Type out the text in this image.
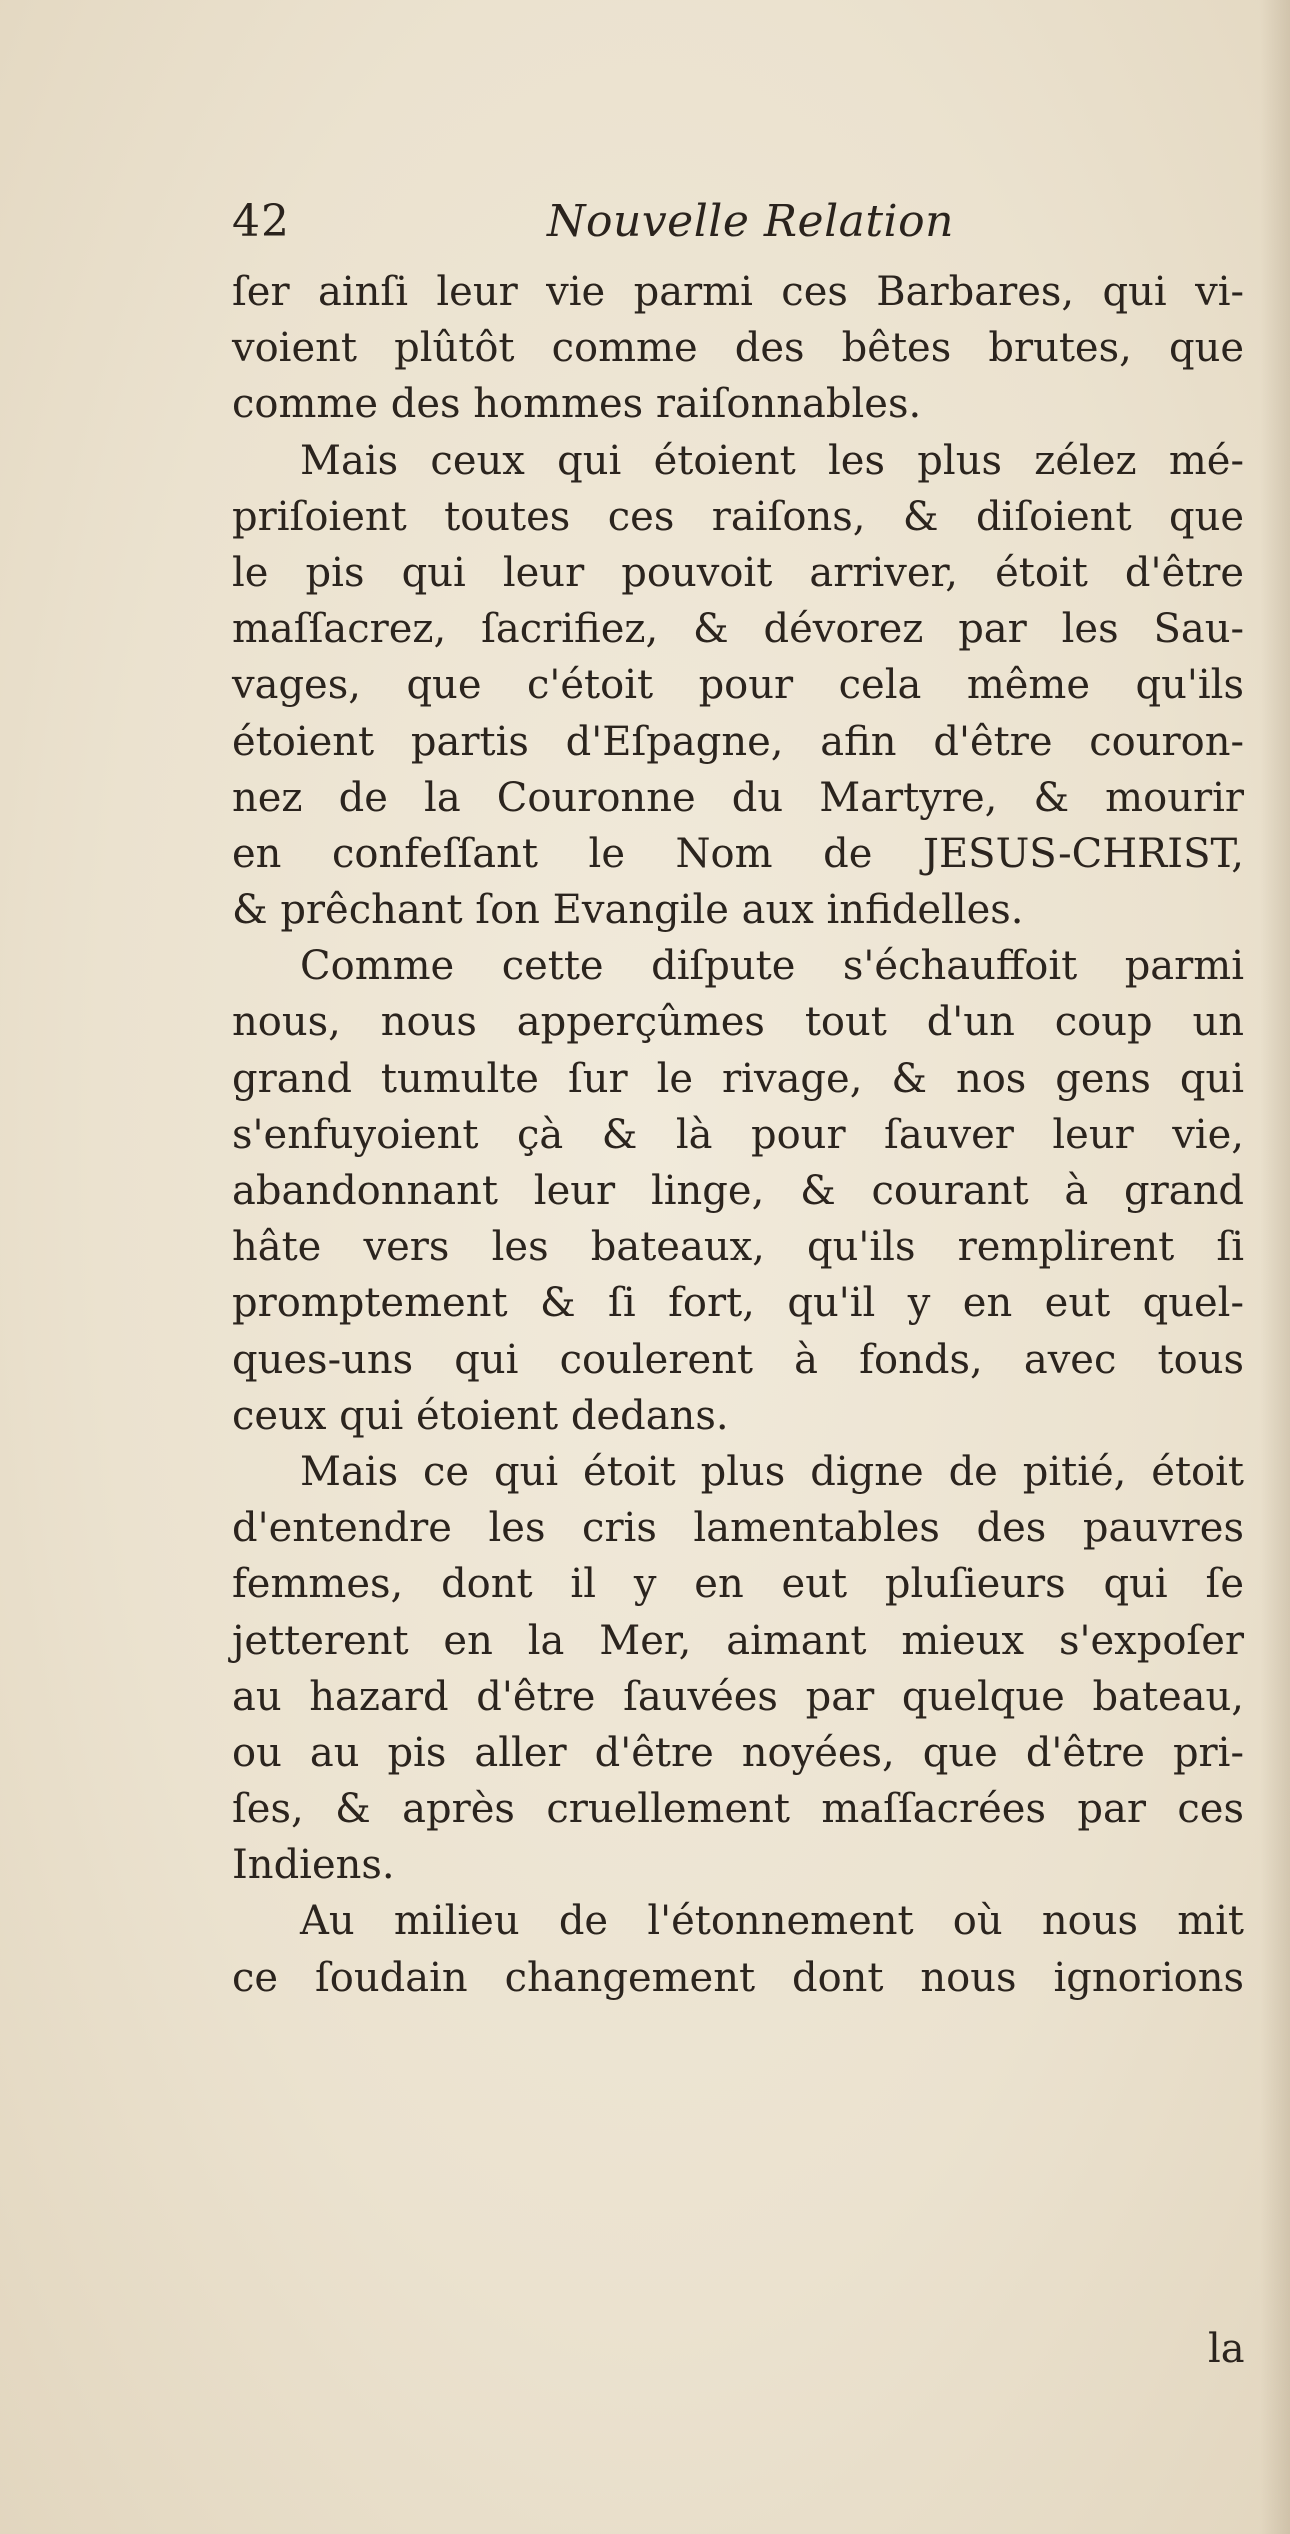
42	Nouvelle Relation
ſer ainſi leur vie parmi ces Barbares, qui vi-
voient plûtôt comme des bêtes brutes, que
comme des hommes raiſonnables.
Mais ceux qui étoient les plus zélez mé-
priſoient toutes ces raiſons, & diſoient que
le pis qui leur pouvoit arriver, étoit d'être
maſſacrez, ſacrifiez, & dévorez par les Sau-
vages, que c'étoit pour cela même qu'ils
étoient partis d'Eſpagne, afin d'être couron-
nez de la Couronne du Martyre, & mourir
en confeſſant le Nom de JESUS-CHRIST,
& prêchant ſon Evangile aux infidelles.
Comme cette diſpute s'échauffoit parmi
nous, nous apperçûmes tout d'un coup un
grand tumulte ſur le rivage, & nos gens qui
s'enfuyoient çà & là pour ſauver leur vie,
abandonnant leur linge, & courant à grand
hâte vers les bateaux, qu'ils remplirent ſi
promptement & ſi fort, qu'il y en eut quel-
ques-uns qui coulerent à fonds, avec tous
ceux qui étoient dedans.
Mais ce qui étoit plus digne de pitié, étoit
d'entendre les cris lamentables des pauvres
femmes, dont il y en eut pluſieurs qui ſe
jetterent en la Mer, aimant mieux s'expoſer
au hazard d'être ſauvées par quelque bateau,
ou au pis aller d'être noyées, que d'être pri-
ſes, & après cruellement maſſacrées par ces
Indiens.
Au milieu de l'étonnement où nous mit
ce ſoudain changement dont nous ignorions
la
